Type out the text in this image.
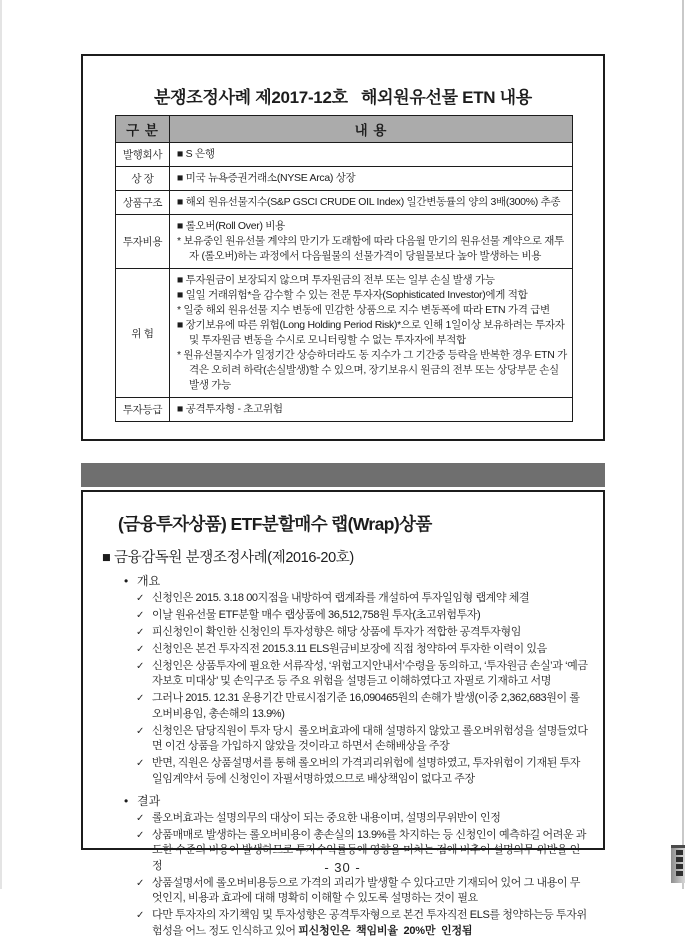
분쟁조정사례 제2017-12호   해외원유선물 ETN 내용
구 분	내 용
발행회사	■ S 은행

상 장	■ 미국 뉴욕증권거래소(NYSE Arca) 상장

상품구조	■ 해외 원유선물지수(S&P GSCI CRUDE OIL Index) 일간변동률의 양의 3배(300%) 추종

투자비용	■ 롤오버(Roll Over) 비용
* 보유중인 원유선물 계약의 만기가 도래함에 따라 다음월 만기의 원유선물 계약으로 재투자 (롤오버)하는 과정에서 다음월물의 선물가격이 당월물보다 높아 발생하는 비용

위 험	■ 투자원금이 보장되지 않으며 투자원금의 전부 또는 일부 손실 발생 가능
■ 일일 거래위험*을 감수할 수 있는 전문 투자자(Sophisticated Investor)에게 적합
* 일중 해외 원유선물 지수 변동에 민감한 상품으로 지수 변동폭에 따라 ETN 가격 급변
■ 장기보유에 따른 위험(Long Holding Period Risk)*으로 인해 1일이상 보유하려는 투자자 및 투자원금 변동을 수시로 모니터링할 수 없는 투자자에 부적합
* 원유선물지수가 일정기간 상승하더라도 동 지수가 그 기간중 등락을 반복한 경우 ETN 가격은 오히려 하락(손실발생)할 수 있으며, 장기보유시 원금의 전부 또는 상당부문 손실발생 가능

투자등급	■ 공격투자형 - 초고위험
(금융투자상품) ETF분할매수 랩(Wrap)상품
■ 금융감독원 분쟁조정사례(제2016-20호)
• 개요
✓ 신청인은 2015. 3.18 00지점을 내방하여 랩계좌를 개설하여 투자일임형 랩계약 체결
✓ 이날 원유선물 ETF분할 매수 랩상품에 36,512,758원 투자(초고위험투자)
✓ 피신청인이 확인한 신청인의 투자성향은 해당 상품에 투자가 적합한 공격투자형임
✓ 신청인은 본건 투자직전 2015.3.11 ELS원금비보장에 직접 청약하여 투자한 이력이 있음
✓ 신청인은 상품투자에 필요한 서류작성, ‘위험고지안내서’수령을 동의하고, ‘투자원금 손실’과 ‘예금자보호 미대상’ 및 손익구조 등 주요 위험을 설명듣고 이해하였다고 자필로 기재하고 서명
✓ 그러나 2015. 12.31 운용기간 만료시점기준 16,090465원의 손해가 발생(이중 2,362,683원이 롤오버비용임, 총손해의 13.9%)
✓ 신청인은 담당직원이 투자 당시  롤오버효과에 대해 설명하지 않았고 롤오버위험성을 설명들었다면 이건 상품을 가입하지 않았을 것이라고 하면서 손해배상을 주장
✓ 반면, 직원은 상품설명서를 통해 롤오버의 가격괴리위험에 설명하였고, 투자위험이 기재된 투자일임계약서 등에 신청인이 자필서명하였으므로 배상책임이 없다고 주장
• 결과
✓ 롤오버효과는 설명의무의 대상이 되는 중요한 내용이며, 설명의무위반이 인정
✓ 상품매매로 발생하는 롤오버비용이 총손실의 13.9%를 차지하는 등 신청인이 예측하길 어려운 과도한 수준의 비용이 발생하므로 투자수익률등에 영향을 미치는 점에 비추어 설명의무 위반을 인정
✓ 상품설명서에 롤오버비용등으로 가격의 괴리가 발생할 수 있다고만 기재되어 있어 그 내용이 무엇인지, 비용과 효과에 대해 명확히 이해할 수 있도록 설명하는 것이 필요
✓ 다만 투자자의 자기책임 및 투자성향은 공격투자형으로 본건 투자직전 ELS를 청약하는등 투자위험성을 어느 정도 인식하고 있어 피신청인은  책임비율  20%만  인정됨
- 30 -
